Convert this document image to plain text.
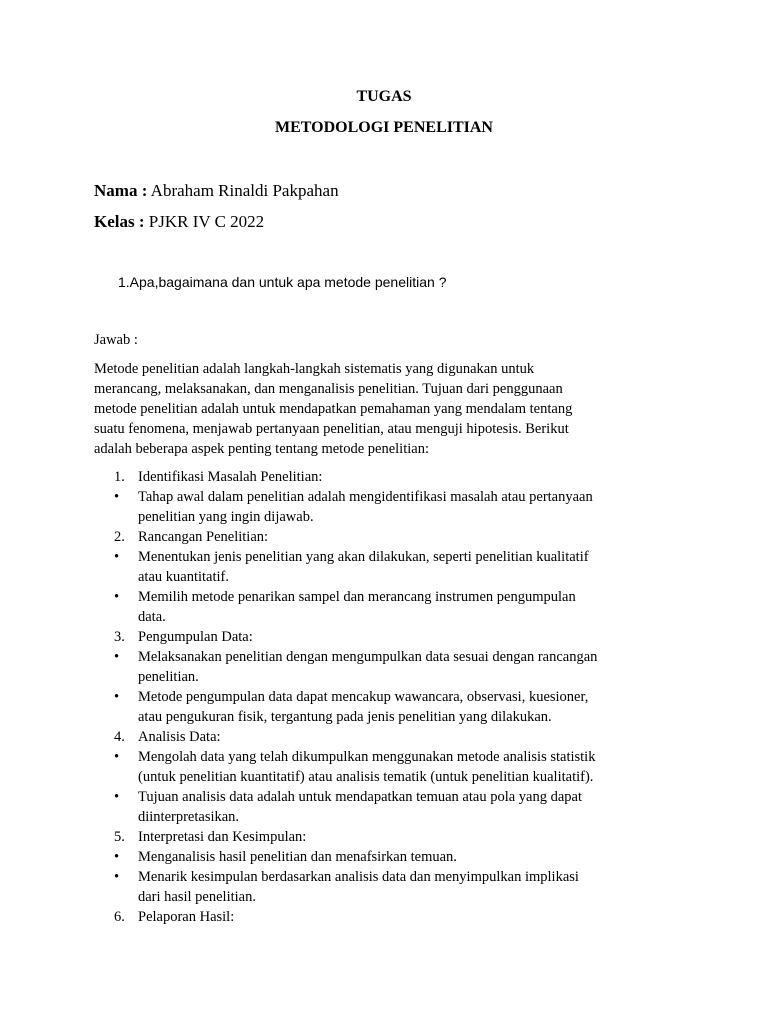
TUGAS
METODOLOGI PENELITIAN
Nama : Abraham Rinaldi Pakpahan
Kelas : PJKR IV C 2022
1.Apa,bagaimana dan untuk apa metode penelitian ?
Jawab :
Metode penelitian adalah langkah-langkah sistematis yang digunakan untuk
merancang, melaksanakan, dan menganalisis penelitian. Tujuan dari penggunaan
metode penelitian adalah untuk mendapatkan pemahaman yang mendalam tentang
suatu fenomena, menjawab pertanyaan penelitian, atau menguji hipotesis. Berikut
adalah beberapa aspek penting tentang metode penelitian:
1. Identifikasi Masalah Penelitian:
• Tahap awal dalam penelitian adalah mengidentifikasi masalah atau pertanyaan
penelitian yang ingin dijawab.
2. Rancangan Penelitian:
• Menentukan jenis penelitian yang akan dilakukan, seperti penelitian kualitatif
atau kuantitatif.
• Memilih metode penarikan sampel dan merancang instrumen pengumpulan
data.
3. Pengumpulan Data:
• Melaksanakan penelitian dengan mengumpulkan data sesuai dengan rancangan
penelitian.
• Metode pengumpulan data dapat mencakup wawancara, observasi, kuesioner,
atau pengukuran fisik, tergantung pada jenis penelitian yang dilakukan.
4. Analisis Data:
• Mengolah data yang telah dikumpulkan menggunakan metode analisis statistik
(untuk penelitian kuantitatif) atau analisis tematik (untuk penelitian kualitatif).
• Tujuan analisis data adalah untuk mendapatkan temuan atau pola yang dapat
diinterpretasikan.
5. Interpretasi dan Kesimpulan:
• Menganalisis hasil penelitian dan menafsirkan temuan.
• Menarik kesimpulan berdasarkan analisis data dan menyimpulkan implikasi
dari hasil penelitian.
6. Pelaporan Hasil:
